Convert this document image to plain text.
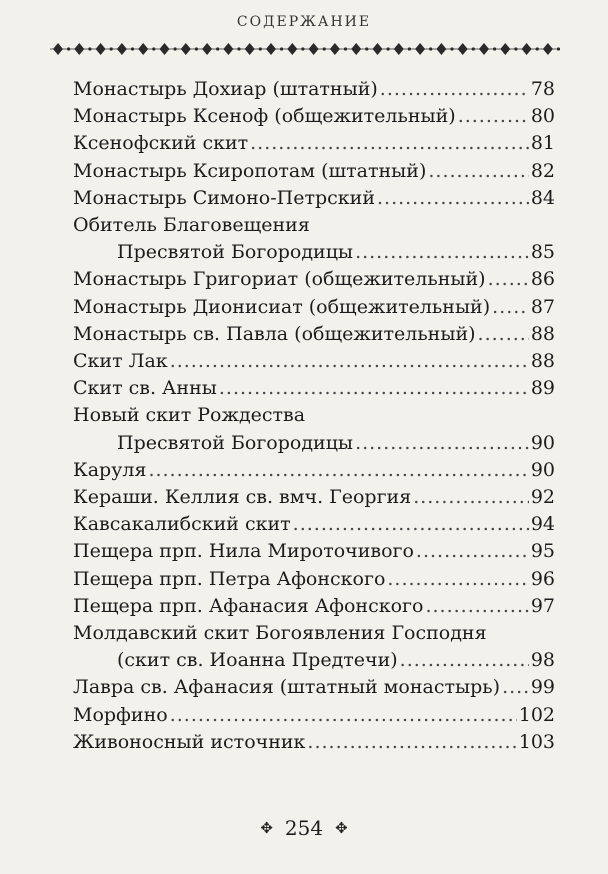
СОДЕРЖАНИЕ
Монастырь Дохиар (штатный) .....	78
Монастырь Ксеноф (общежительный) .....	80
Ксенофский скит .....	81
Монастырь Ксиропотам (штатный) .....	82
Монастырь Симоно-Петрский .....	84
Обитель Благовещения
Пресвятой Богородицы .....	85
Монастырь Григориат (общежительный) ..... 86
Монастырь Дионисиат (общежительный) ..... 87
Монастырь св. Павла (общежительный) .....	88
Скит Лак .....	88
Скит св. Анны .....	89
Новый скит Рождества
Пресвятой Богородицы .....	90
Каруля .....	90
Кераши. Келлия св. вмч. Георгия .....	92
Кавсакалибский скит .....	94
Пещера прп. Нила Мироточивого .....	95
Пещера прп. Петра Афонского .....	96
Пещера прп. Афанасия Афонского .....	97
Молдавский скит Богоявления Господня
(скит св. Иоанна Предтечи) .....	98
Лавра св. Афанасия (штатный монастырь) ..... 99
Морфино .....	102
Живоносный источник .....	103
✥ 254 ✥
